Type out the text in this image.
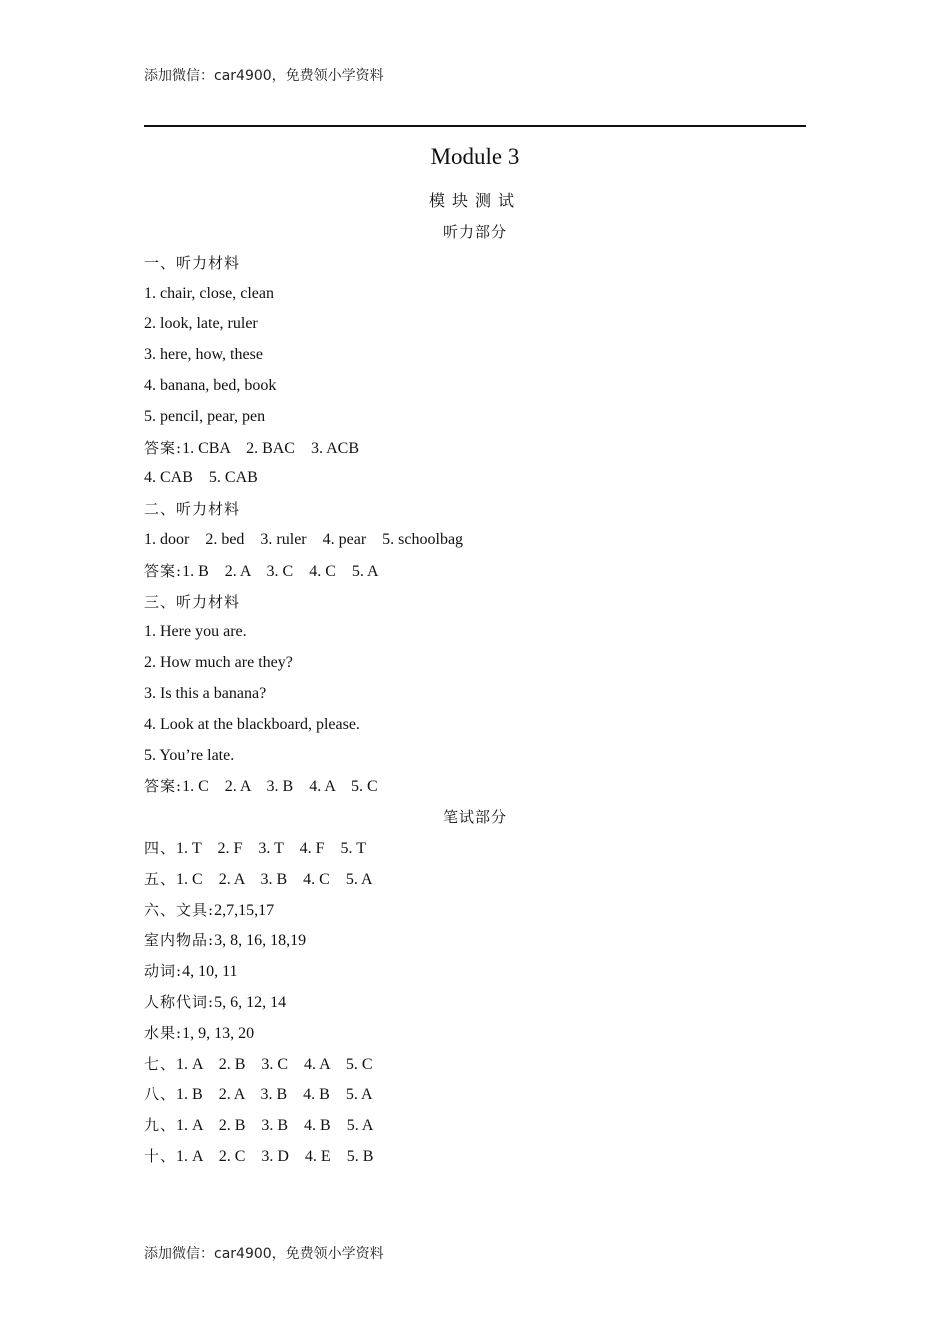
添加微信：car4900，免费领小学资料
Module 3
模块测试
听力部分
一、听力材料
1. chair, close, clean
2. look, late, ruler
3. here, how, these
4. banana, bed, book
5. pencil, pear, pen
答案:1. CBA    2. BAC    3. ACB
4. CAB    5. CAB
二、听力材料
1. door    2. bed    3. ruler    4. pear    5. schoolbag
答案:1. B    2. A    3. C    4. C    5. A
三、听力材料
1. Here you are.
2. How much are they?
3. Is this a banana?
4. Look at the blackboard, please.
5. You’re late.
答案:1. C    2. A    3. B    4. A    5. C
笔试部分
四、1. T    2. F    3. T    4. F    5. T
五、1. C    2. A    3. B    4. C    5. A
六、文具:2,7,15,17
室内物品:3, 8, 16, 18,19
动词:4, 10, 11
人称代词:5, 6, 12, 14
水果:1, 9, 13, 20
七、1. A    2. B    3. C    4. A    5. C
八、1. B    2. A    3. B    4. B    5. A
九、1. A    2. B    3. B    4. B    5. A
十、1. A    2. C    3. D    4. E    5. B
添加微信：car4900，免费领小学资料
